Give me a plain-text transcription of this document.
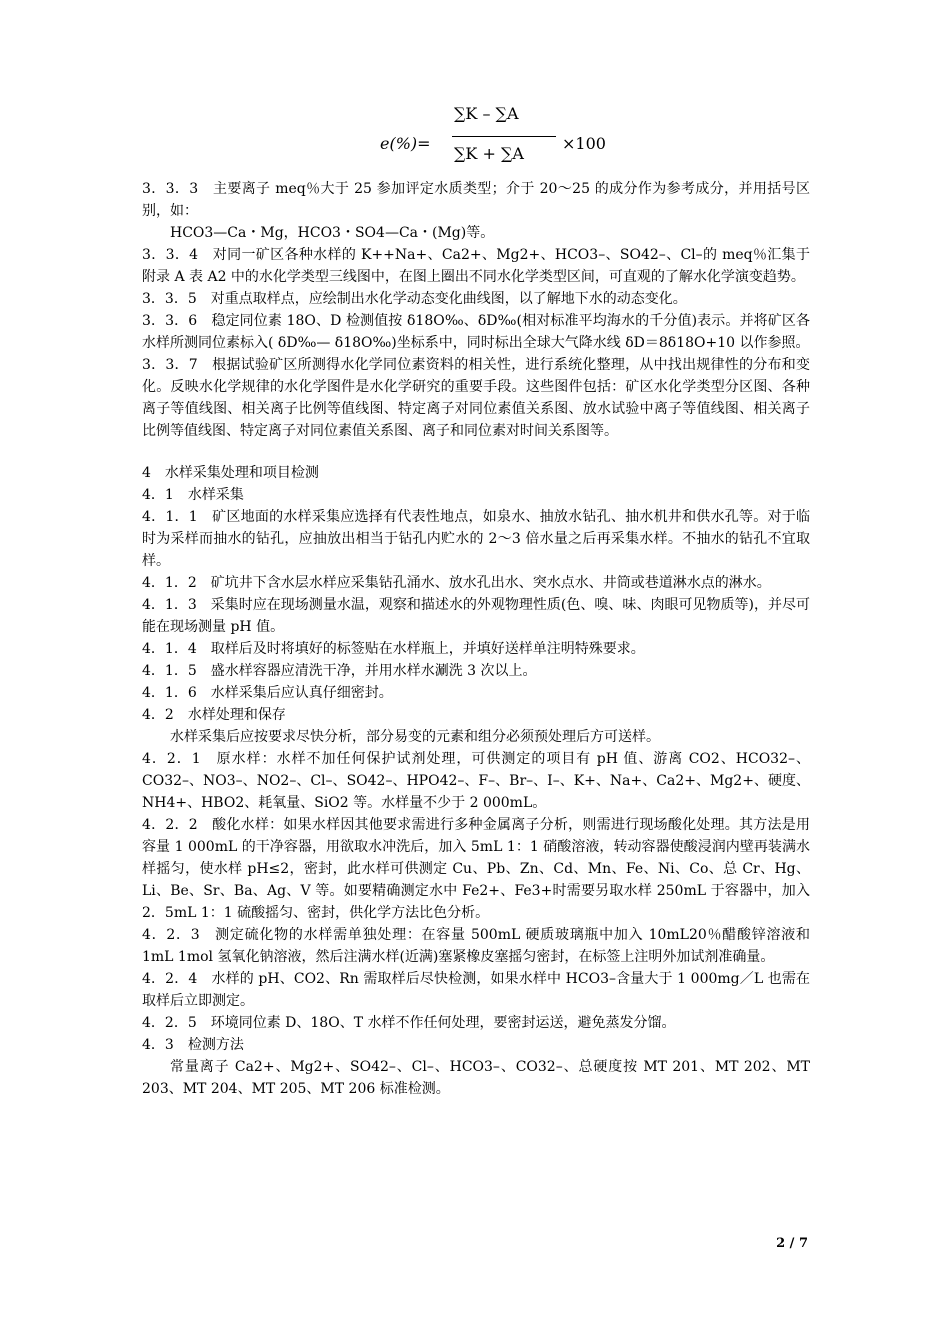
e(%)=
∑K – ∑A
∑K + ∑A
×100

3．3．3　主要离子 meq％大于 25 参加评定水质类型；介于 20～25 的成分作为参考成分，并用括号区别，如：

HCO3—Ca・Mg，HCO3・SO4—Ca・(Mg)等。

3．3．4　对同一矿区各种水样的 K++Na+、Ca2+、Mg2+、HCO3–、SO42–、Cl–的 meq％汇集于附录 A 表 A2 中的水化学类型三线图中，在图上圈出不同水化学类型区间，可直观的了解水化学演变趋势。

3．3．5　对重点取样点，应绘制出水化学动态变化曲线图，以了解地下水的动态变化。

3．3．6　稳定同位素 18O、D 检测值按 δ18O‰、δD‰(相对标准平均海水的千分值)表示。并将矿区各水样所测同位素标入( δD‰— δ18O‰)坐标系中，同时标出全球大气降水线 δD＝8δ18O+10 以作参照。

3．3．7　根据试验矿区所测得水化学同位素资料的相关性，进行系统化整理，从中找出规律性的分布和变化。反映水化学规律的水化学图件是水化学研究的重要手段。这些图件包括：矿区水化学类型分区图、各种离子等值线图、相关离子比例等值线图、特定离子对同位素值关系图、放水试验中离子等值线图、相关离子比例等值线图、特定离子对同位素值关系图、离子和同位素对时间关系图等。

4　水样采集处理和项目检测

4．1　水样采集

4．1．1　矿区地面的水样采集应选择有代表性地点，如泉水、抽放水钻孔、抽水机井和供水孔等。对于临时为采样而抽水的钻孔，应抽放出相当于钻孔内贮水的 2～3 倍水量之后再采集水样。不抽水的钻孔不宜取样。

4．1．2　矿坑井下含水层水样应采集钻孔涌水、放水孔出水、突水点水、井筒或巷道淋水点的淋水。

4．1．3　采集时应在现场测量水温，观察和描述水的外观物理性质(色、嗅、味、肉眼可见物质等)，并尽可能在现场测量 pH 值。

4．1．4　取样后及时将填好的标签贴在水样瓶上，并填好送样单注明特殊要求。

4．1．5　盛水样容器应清洗干净，并用水样水涮洗 3 次以上。

4．1．6　水样采集后应认真仔细密封。

4．2　水样处理和保存

水样采集后应按要求尽快分析，部分易变的元素和组分必须预处理后方可送样。

4．2．1　原水样：水样不加任何保护试剂处理，可供测定的项目有 pH 值、游离 CO2、HCO32–、CO32–、NO3–、NO2–、Cl–、SO42–、HPO42–、F–、Br–、I–、K+、Na+、Ca2+、Mg2+、硬度、NH4+、HBO2、耗氧量、SiO2 等。水样量不少于 2 000mL。

4．2．2　酸化水样：如果水样因其他要求需进行多种金属离子分析，则需进行现场酸化处理。其方法是用容量 1 000mL 的干净容器，用欲取水冲洗后，加入 5mL 1：1 硝酸溶液，转动容器使酸浸润内壁再装满水样摇匀，使水样 pH≤2，密封，此水样可供测定 Cu、Pb、Zn、Cd、Mn、Fe、Ni、Co、总 Cr、Hg、Li、Be、Sr、Ba、Ag、V 等。如要精确测定水中 Fe2+、Fe3+时需要另取水样 250mL 于容器中，加入 2．5mL 1：1 硫酸摇匀、密封，供化学方法比色分析。

4．2．3　测定硫化物的水样需单独处理：在容量 500mL 硬质玻璃瓶中加入 10mL20％醋酸锌溶液和 1mL 1mol 氢氧化钠溶液，然后注满水样(近满)塞紧橡皮塞摇匀密封，在标签上注明外加试剂准确量。

4．2．4　水样的 pH、CO2、Rn 需取样后尽快检测，如果水样中 HCO3–含量大于 1 000mg／L 也需在取样后立即测定。

4．2．5　环境同位素 D、18O、T 水样不作任何处理，要密封运送，避免蒸发分馏。

4．3　检测方法

常量离子 Ca2+、Mg2+、SO42–、Cl–、HCO3–、CO32–、总硬度按 MT 201、MT 202、MT 203、MT 204、MT 205、MT 206 标准检测。

2 / 7
